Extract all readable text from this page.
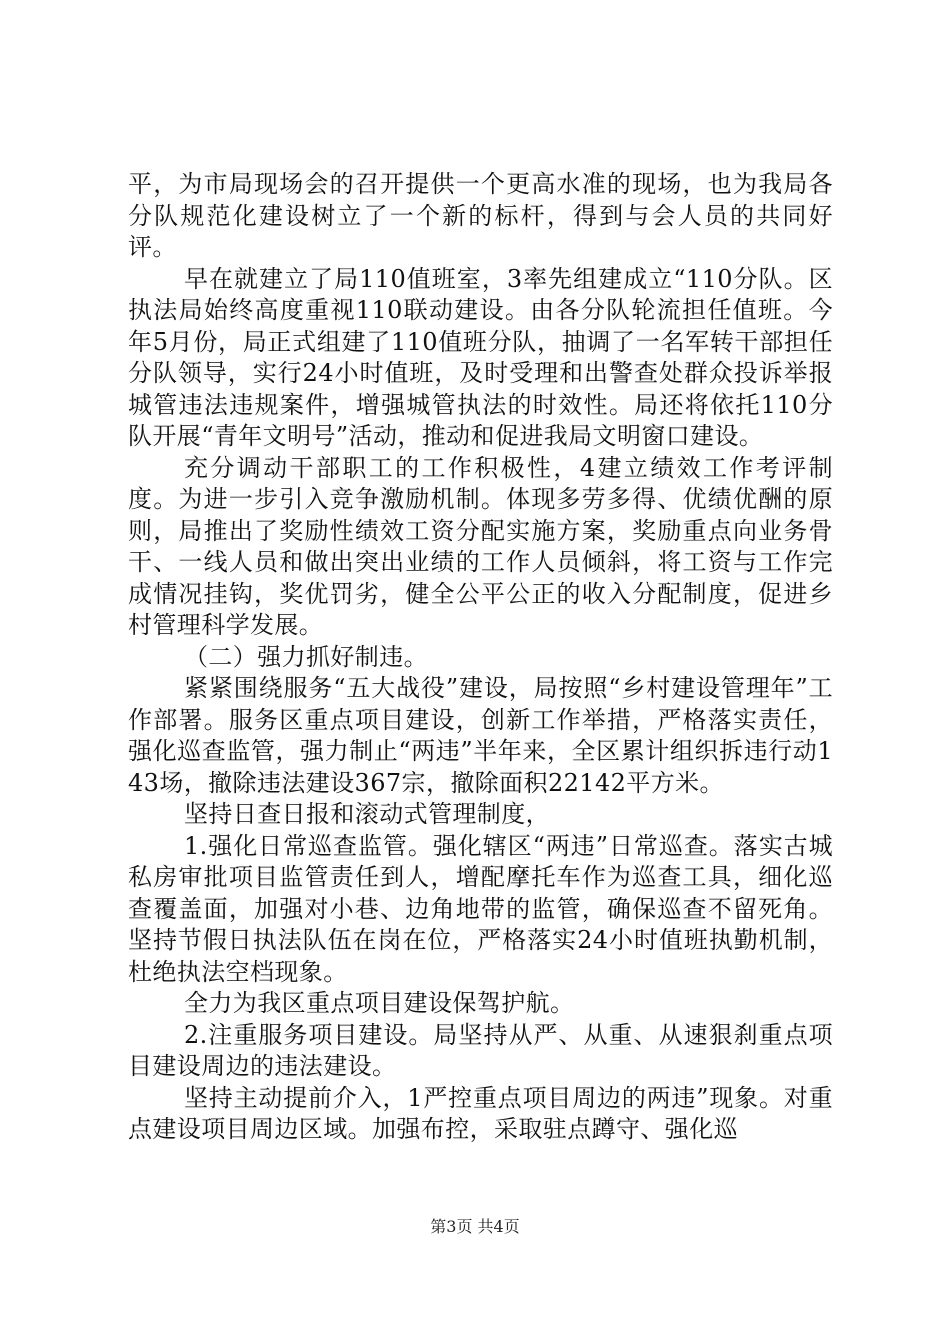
平，为市局现场会的召开提供一个更高水准的现场，也为我局各分队规范化建设树立了一个新的标杆，得到与会人员的共同好评。

早在就建立了局110值班室，3率先组建成立“110分队。区执法局始终高度重视110联动建设。由各分队轮流担任值班。今年5月份，局正式组建了110值班分队，抽调了一名军转干部担任分队领导，实行24小时值班，及时受理和出警查处群众投诉举报城管违法违规案件，增强城管执法的时效性。局还将依托110分队开展“青年文明号”活动，推动和促进我局文明窗口建设。

充分调动干部职工的工作积极性，4建立绩效工作考评制度。为进一步引入竞争激励机制。体现多劳多得、优绩优酬的原则，局推出了奖励性绩效工资分配实施方案，奖励重点向业务骨干、一线人员和做出突出业绩的工作人员倾斜，将工资与工作完成情况挂钩，奖优罚劣，健全公平公正的收入分配制度，促进乡村管理科学发展。

（二）强力抓好制违。

紧紧围绕服务“五大战役”建设，局按照“乡村建设管理年”工作部署。服务区重点项目建设，创新工作举措，严格落实责任，强化巡查监管，强力制止“两违”半年来，全区累计组织拆违行动143场，撤除违法建设367宗，撤除面积22142平方米。

坚持日查日报和滚动式管理制度，

1.强化日常巡查监管。强化辖区“两违”日常巡查。落实古城私房审批项目监管责任到人，增配摩托车作为巡查工具，细化巡查覆盖面，加强对小巷、边角地带的监管，确保巡查不留死角。坚持节假日执法队伍在岗在位，严格落实24小时值班执勤机制，杜绝执法空档现象。

全力为我区重点项目建设保驾护航。

2.注重服务项目建设。局坚持从严、从重、从速狠刹重点项目建设周边的违法建设。

坚持主动提前介入，1严控重点项目周边的两违”现象。对重点建设项目周边区域。加强布控，采取驻点蹲守、强化巡

第3页 共4页
